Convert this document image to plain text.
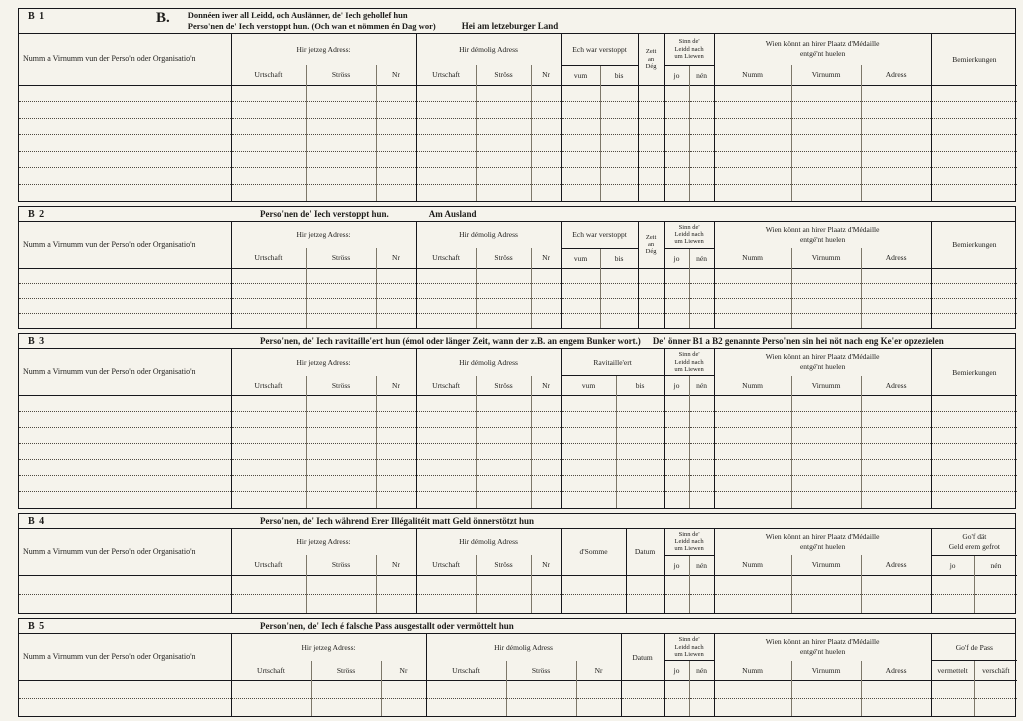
B 1	B. Donnéen iwer all Leidd, och Auslänner, de' Iech gehollef hun
Perso'nen de' Iech verstoppt hun. (Och wan et nömmen én Dag wor)	Hei am letzeburger Land
Numm a Virnumm vun der Perso'n oder Organisatio'n	Hir jetzeg Adress:	Hir démolig Adress	Ech war verstoppt	Zeit
an
Dég

Sinn de'
Leidd nach
um Liewen

Wien könnt an hirer Plaatz d'Médaille
entgé'nt huelen
	Bemierkungen
	Urtschaft	Ströss	Nr	Urtschaft	Ströss	Nr	vum	bis		jo	nén	Numm	Virnumm	Adress	

B 2	Perso'nen de' Iech verstoppt hun.	Am Ausland
Numm a Virnumm vun der Perso'n oder Organisatio'n	Hir jetzeg Adress:	Hir démolig Adress	Ech war verstoppt	Zeit
an
Dég

Sinn de'
Leidd nach
um Liewen

Wien könnt an hirer Plaatz d'Médaille
entgé'nt huelen
	Bemierkungen
	Urtschaft	Ströss	Nr	Urtschaft	Ströss	Nr	vum	bis		jo	nén	Numm	Virnumm	Adress	

B 3	Perso'nen, de' Iech ravitaille'ert hun (émol oder länger Zeit, wann der z.B. an engem Bunker wort.) De' önner B1 a B2 genannte Perso'nen sin hei nöt nach eng Ke'er opzezielen
Numm a Virnumm vun der Perso'n oder Organisatio'n	Hir jetzeg Adress:	Hir démolig Adress	Ravitaille'ert	
Sinn de'
Leidd nach
um Liewen

Wien könnt an hirer Plaatz d'Médaille
entgé'nt huelen
	Bemierkungen
	Urtschaft	Ströss	Nr	Urtschaft	Ströss	Nr	vum	bis	jo	nén	Numm	Virnumm	Adress	

B 4	Perso'nen, de' Iech während Erer Illégalitéit matt Geld önnerstötzt hun
Numm a Virnumm vun der Perso'n oder Organisatio'n	Hir jetzeg Adress:	Hir démolig Adress	d'Somme	Datum	
Sinn de'
Leidd nach
um Liewen

Wien könnt an hirer Plaatz d'Médaille
entgé'nt huelen

Go'f dät
Geld erem gefrot

	Urtschaft	Ströss	Nr	Urtschaft	Ströss	Nr			jo	nén	Numm	Virnumm	Adress	jo	nén

B 5	Person'nen, de' Iech é falsche Pass ausgestallt oder vermöttelt hun
Numm a Virnumm vun der Perso'n oder Organisatio'n	Hir jetzeg Adress:	Hir démolig Adress	Datum	
Sinn de'
Leidd nach
um Liewen

Wien könnt an hirer Plaatz d'Médaille
entgé'nt huelen
	Go'f de Pass
	Urtschaft	Ströss	Nr	Urtschaft	Ströss	Nr		jo	nén	Numm	Virnumm	Adress	vermettelt	verschäft
